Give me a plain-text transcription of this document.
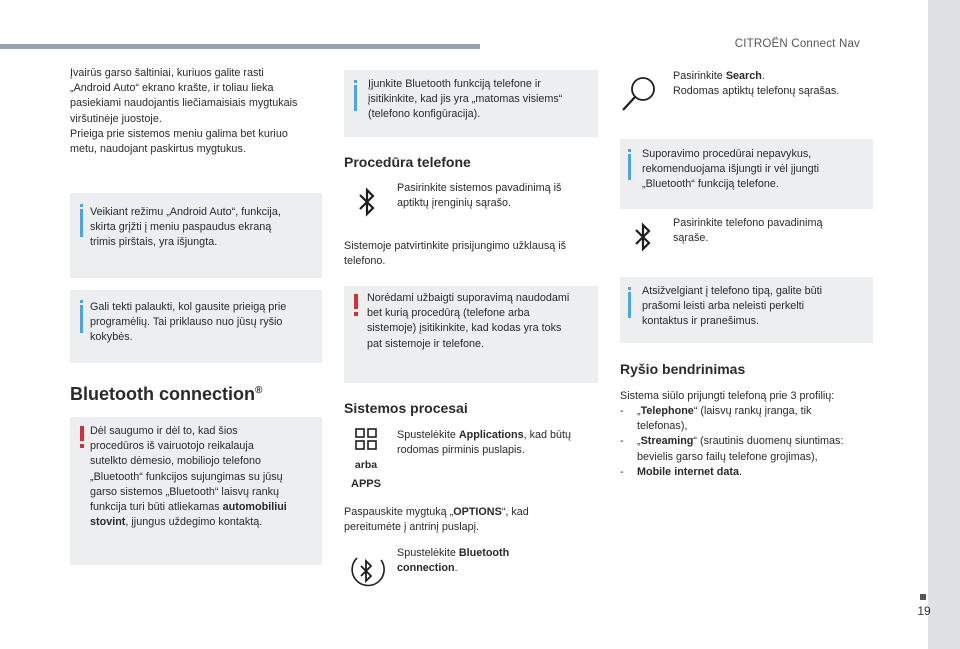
CITROËN Connect Nav
19
Įvairūs garso šaltiniai, kuriuos galite rasti
„Android Auto“ ekrano kraštе, ir toliau lieka
pasiekiami naudojantis liečiamaisiais mygtukais
viršutinėje juostoje.
Prieiga prie sistemos meniu galima bet kuriuo
metu, naudojant paskirtus mygtukus.
Veikiant režimu „Android Auto“, funkcija,
skirta grįžti į meniu paspaudus ekraną
trimis pirštais, yra išjungta.
Gali tekti palaukti, kol gausite prieigą prie
programėlių. Tai priklauso nuo jūsų ryšio
kokybės.
Bluetooth connection®
Dėl saugumo ir dėl to, kad šios
procedūros iš vairuotojo reikalauja
sutelkto dėmesio, mobiliojo telefono
„Bluetooth“ funkcijos sujungimas su jūsų
garso sistemos „Bluetooth“ laisvų rankų
funkcija turi būti atliekamas automobiliui
stovint, įjungus uždegimo kontaktą.
Įjunkite Bluetooth funkciją telefone ir
įsitikinkite, kad jis yra „matomas visiems“
(telefono konfigūracija).
Procedūra telefone
Pasirinkite sistemos pavadinimą iš
aptiktų įrenginių sąrašo.
Sistemoje patvirtinkite prisijungimo užklausą iš
telefono.
Norėdami užbaigti suporavimą naudodami
bet kurią procedūrą (telefone arba
sistemoje) įsitikinkite, kad kodas yra toks
pat sistemoje ir telefone.
Sistemos procesai
arba
APPS
Spustelėkite Applications, kad būtų
rodomas pirminis puslapis.
Paspauskite mygtuką „OPTIONS“, kad
pereitumėte į antrinį puslapį.
Spustelėkite Bluetooth
connection.
Pasirinkite Search.
Rodomas aptiktų telefonų sąrašas.
Suporavimo procedūrai nepavykus,
rekomenduojama išjungti ir vėl įjungti
„Bluetooth“ funkciją telefone.
Pasirinkite telefono pavadinimą
sąraše.
Atsižvelgiant į telefono tipą, galite būti
prašomi leisti arba neleisti perkelti
kontaktus ir pranešimus.
Ryšio bendrinimas
Sistema siūlo prijungti telefoną prie 3 profilių:
- „Telephone“ (laisvų rankų įranga, tik
telefonas),
- „Streaming“ (srautinis duomenų siuntimas:
bevielis garso failų telefone grojimas),
- Mobile internet data.
